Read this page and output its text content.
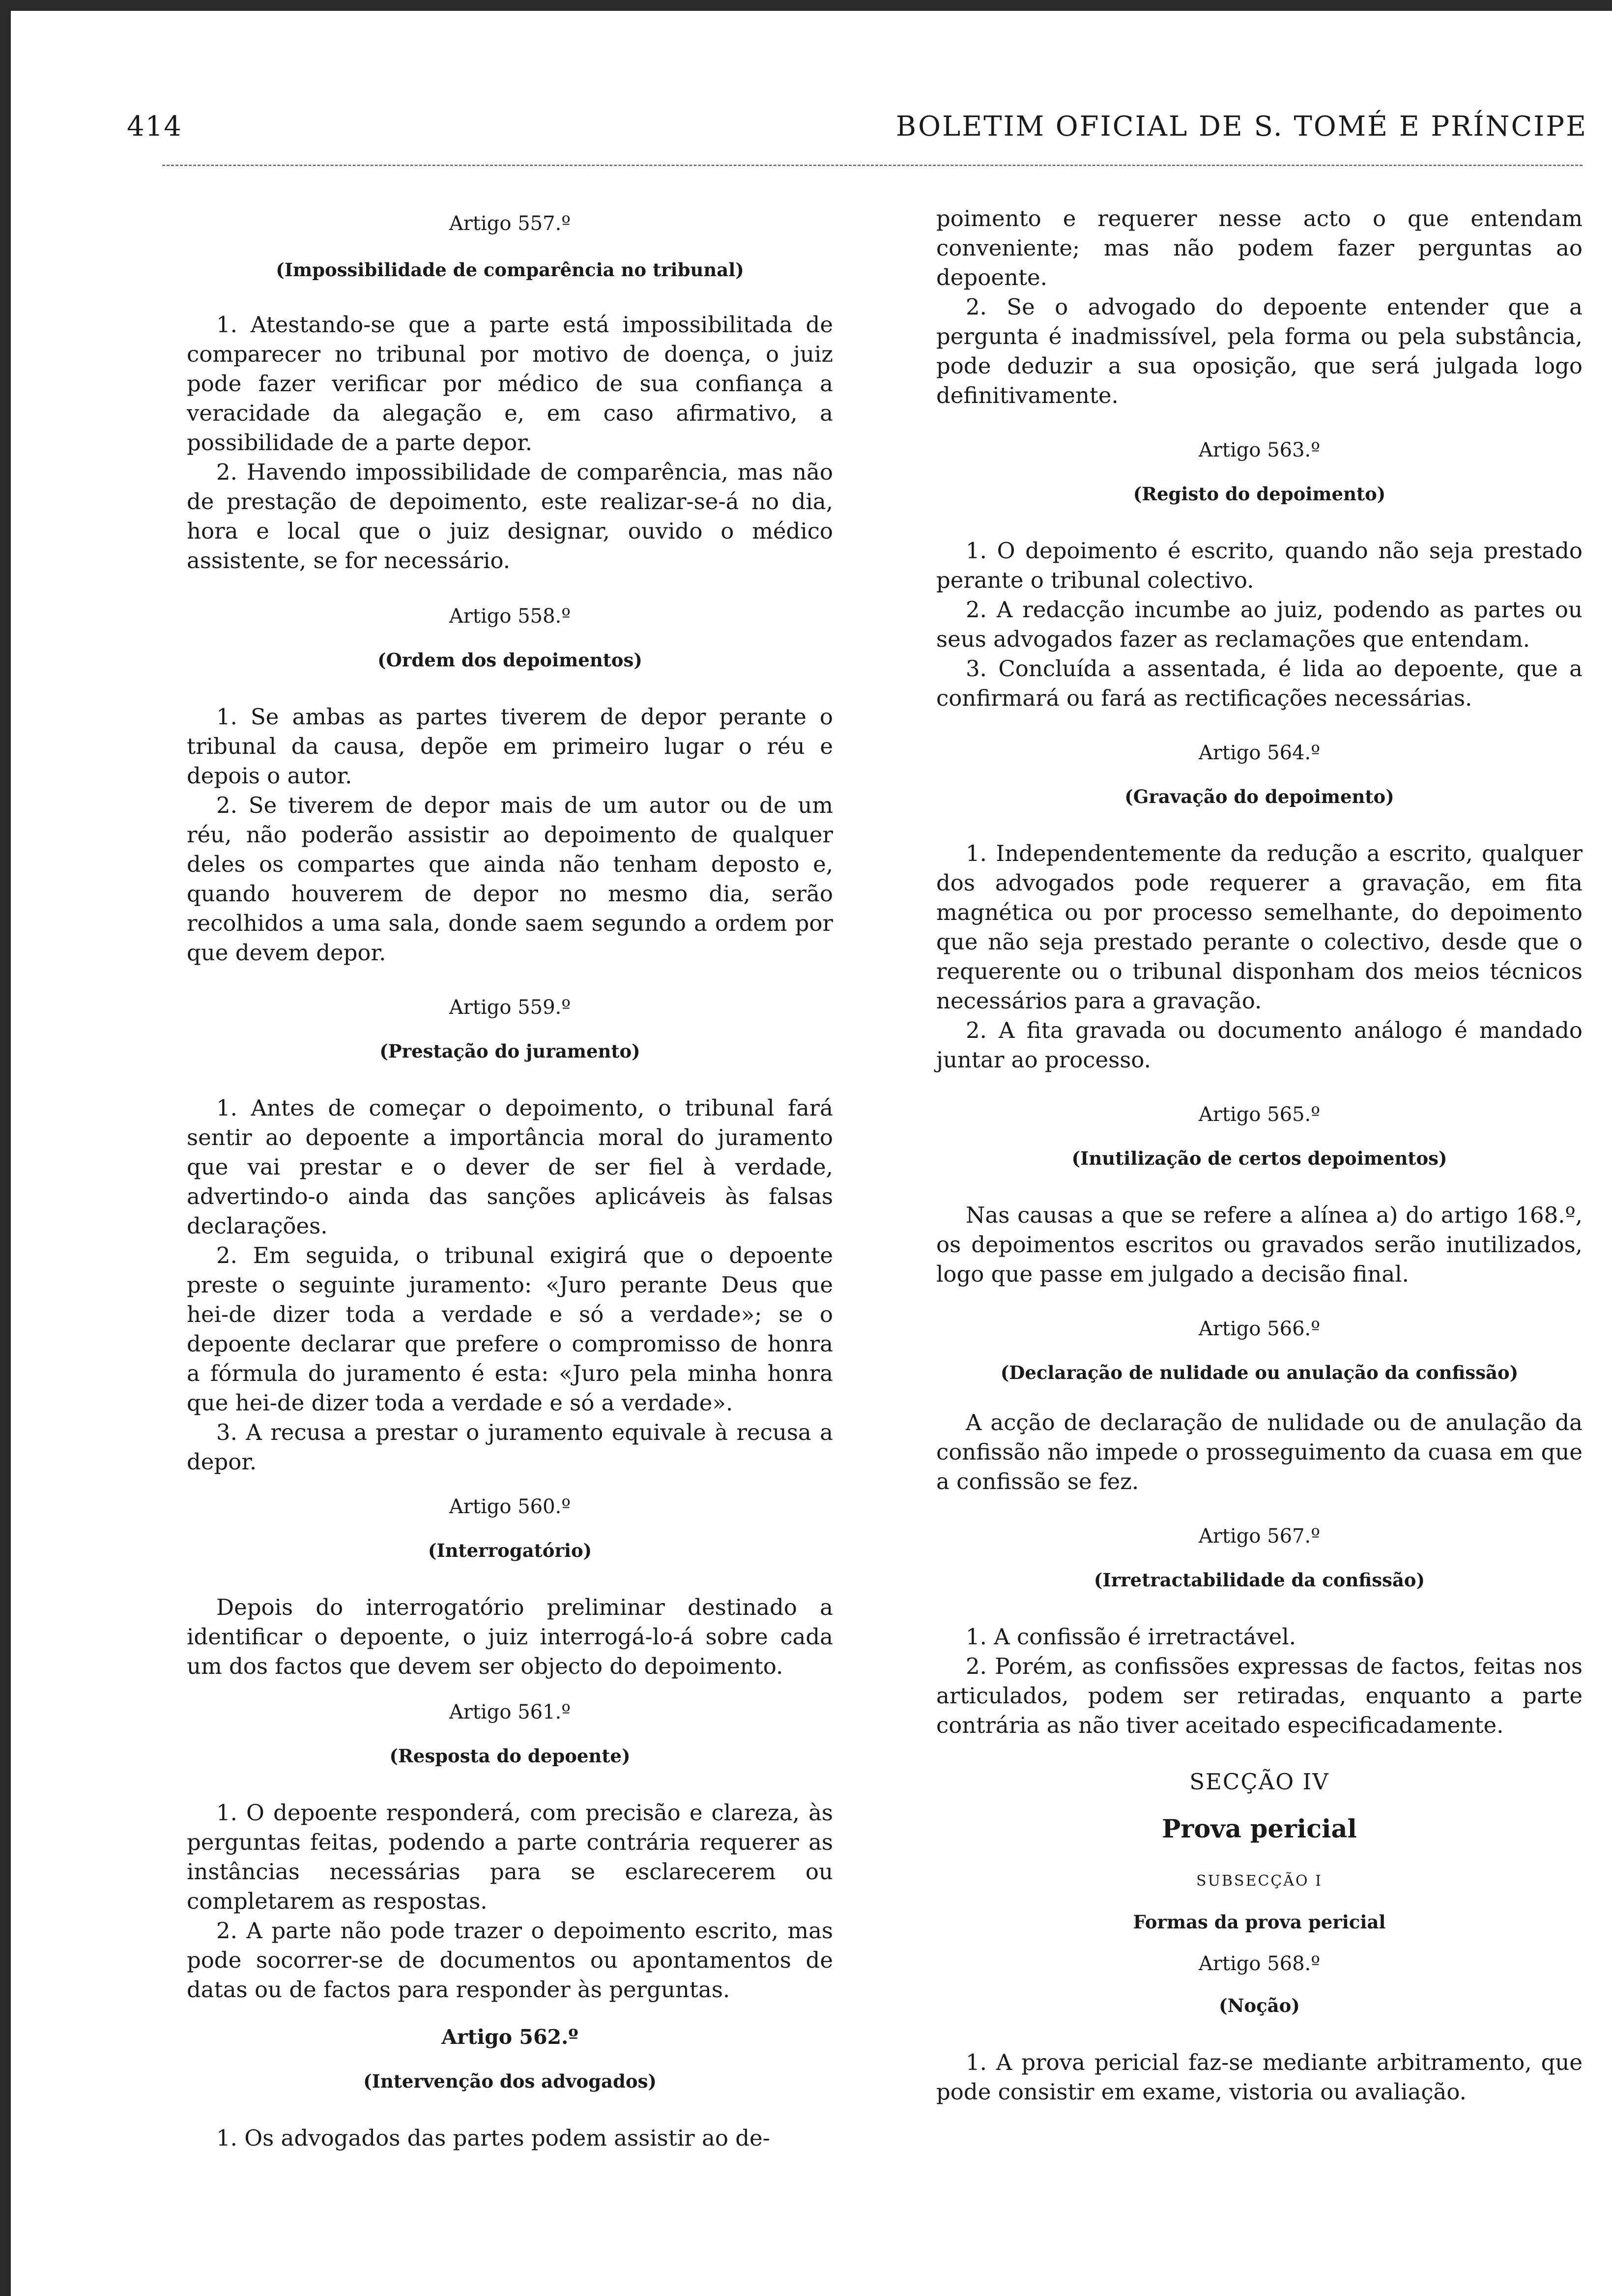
414	BOLETIM OFICIAL DE S. TOMÉ E PRÍNCIPE

Artigo 557.º

(Impossibilidade de comparência no tribunal)

1. Atestando-se que a parte está impossibilitada de comparecer no tribunal por motivo de doença, o juiz pode fazer verificar por médico de sua confiança a veracidade da alegação e, em caso afirmativo, a possibilidade de a parte depor.

2. Havendo impossibilidade de comparência, mas não de prestação de depoimento, este realizar-se-á no dia, hora e local que o juiz designar, ouvido o médico assistente, se for necessário.

Artigo 558.º

(Ordem dos depoimentos)

1. Se ambas as partes tiverem de depor perante o tribunal da causa, depõe em primeiro lugar o réu e depois o autor.

2. Se tiverem de depor mais de um autor ou de um réu, não poderão assistir ao depoimento de qualquer deles os compartes que ainda não tenham deposto e, quando houverem de depor no mesmo dia, serão recolhidos a uma sala, donde saem segundo a ordem por que devem depor.

Artigo 559.º

(Prestação do juramento)

1. Antes de começar o depoimento, o tribunal fará sentir ao depoente a importância moral do juramento que vai prestar e o dever de ser fiel à verdade, advertindo-o ainda das sanções aplicáveis às falsas declarações.

2. Em seguida, o tribunal exigirá que o depoente preste o seguinte juramento: «Juro perante Deus que hei-de dizer toda a verdade e só a verdade»; se o depoente declarar que prefere o compromisso de honra a fórmula do juramento é esta: «Juro pela minha honra que hei-de dizer toda a verdade e só a verdade».

3. A recusa a prestar o juramento equivale à recusa a depor.

Artigo 560.º

(Interrogatório)

Depois do interrogatório preliminar destinado a identificar o depoente, o juiz interrogá-lo-á sobre cada um dos factos que devem ser objecto do depoimento.

Artigo 561.º

(Resposta do depoente)

1. O depoente responderá, com precisão e clareza, às perguntas feitas, podendo a parte contrária requerer as instâncias necessárias para se esclarecerem ou completarem as respostas.

2. A parte não pode trazer o depoimento escrito, mas pode socorrer-se de documentos ou apontamentos de datas ou de factos para responder às perguntas.

Artigo 562.º

(Intervenção dos advogados)

1. Os advogados das partes podem assistir ao de-

poimento e requerer nesse acto o que entendam conveniente; mas não podem fazer perguntas ao depoente.

2. Se o advogado do depoente entender que a pergunta é inadmissível, pela forma ou pela substância, pode deduzir a sua oposição, que será julgada logo definitivamente.

Artigo 563.º

(Registo do depoimento)

1. O depoimento é escrito, quando não seja prestado perante o tribunal colectivo.

2. A redacção incumbe ao juiz, podendo as partes ou seus advogados fazer as reclamações que entendam.

3. Concluída a assentada, é lida ao depoente, que a confirmará ou fará as rectificações necessárias.

Artigo 564.º

(Gravação do depoimento)

1. Independentemente da redução a escrito, qualquer dos advogados pode requerer a gravação, em fita magnética ou por processo semelhante, do depoimento que não seja prestado perante o colectivo, desde que o requerente ou o tribunal disponham dos meios técnicos necessários para a gravação.

2. A fita gravada ou documento análogo é mandado juntar ao processo.

Artigo 565.º

(Inutilização de certos depoimentos)

Nas causas a que se refere a alínea a) do artigo 168.º, os depoimentos escritos ou gravados serão inutilizados, logo que passe em julgado a decisão final.

Artigo 566.º

(Declaração de nulidade ou anulação da confissão)

A acção de declaração de nulidade ou de anulação da confissão não impede o prosseguimento da cuasa em que a confissão se fez.

Artigo 567.º

(Irretractabilidade da confissão)

1. A confissão é irretractável.

2. Porém, as confissões expressas de factos, feitas nos articulados, podem ser retiradas, enquanto a parte contrária as não tiver aceitado especificadamente.

SECÇÃO IV

Prova pericial

SUBSECÇÃO I

Formas da prova pericial

Artigo 568.º

(Noção)

1. A prova pericial faz-se mediante arbitramento, que pode consistir em exame, vistoria ou avaliação.
